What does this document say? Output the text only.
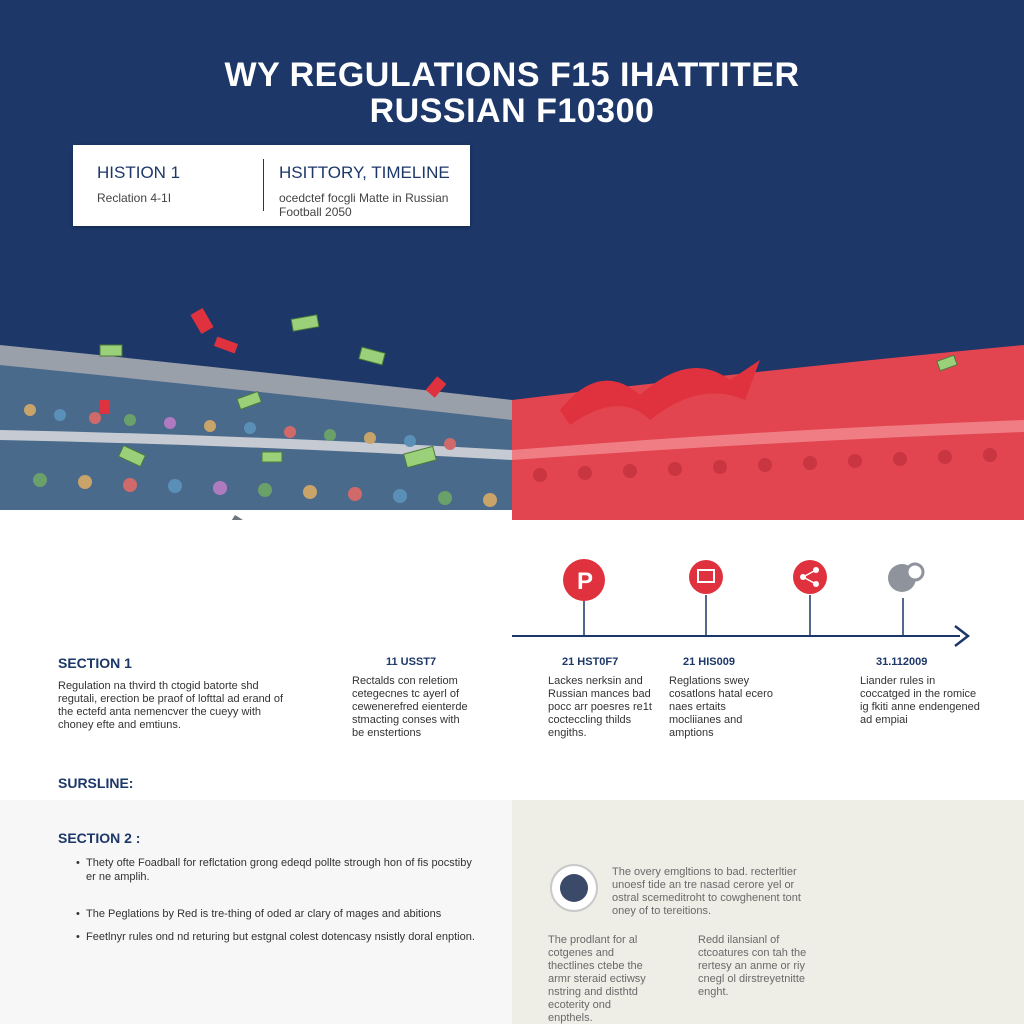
WY REGULATIONS F15 IHATTITER
RUSSIAN F10300
HISTION 1
Reclation 4-1I
HSITTORY, TIMELINE
ocedctef focgli Matte in Russian Football 2050
P
SECTION 1
Regulation na thvird th ctogid batorte shd regutali, erection be praof of lofttal ad erand of the ectefd anta nemencver the cueyy with choney efte and emtiuns.
11 USST7
Rectalds con reletiom cetegecnes tc ayerl of cewenerefred eienterde stmacting conses with be enstertions
21 HST0F7
Lackes nerksin and Russian mances bad pocc arr poesres re1t cocteccling thilds engiths.
21 HIS009
Reglations swey cosatlons hatal ecero naes ertaits mocliianes and amptions
31.112009
Liander rules in coccatged in the romice ig fkiti anne endengened ad empiai
SURSLINE:
SECTION 2 :
• Thety ofte Foadball for reflctation grong edeqd pollte strough hon of fis pocstiby er ne amplih.
• The Peglations by Red is tre-thing of oded ar clary of mages and abitions
• Feetlnyr rules ond nd returing but estgnal colest dotencasy nsistly doral enption.
The overy emgltions to bad. recterltier unoesf tide an tre nasad cerore yel or ostral scemeditroht to cowghenent tont oney of to tereitions.
The prodlant for al cotgenes and thectlines ctebe the armr steraid ectiwsy nstring and disthtd ecoterity ond enpthels.
Redd ilansianl of ctcoatures con tah the rertesy an anme or riy cnegl ol dirstreyetnitte enght.
